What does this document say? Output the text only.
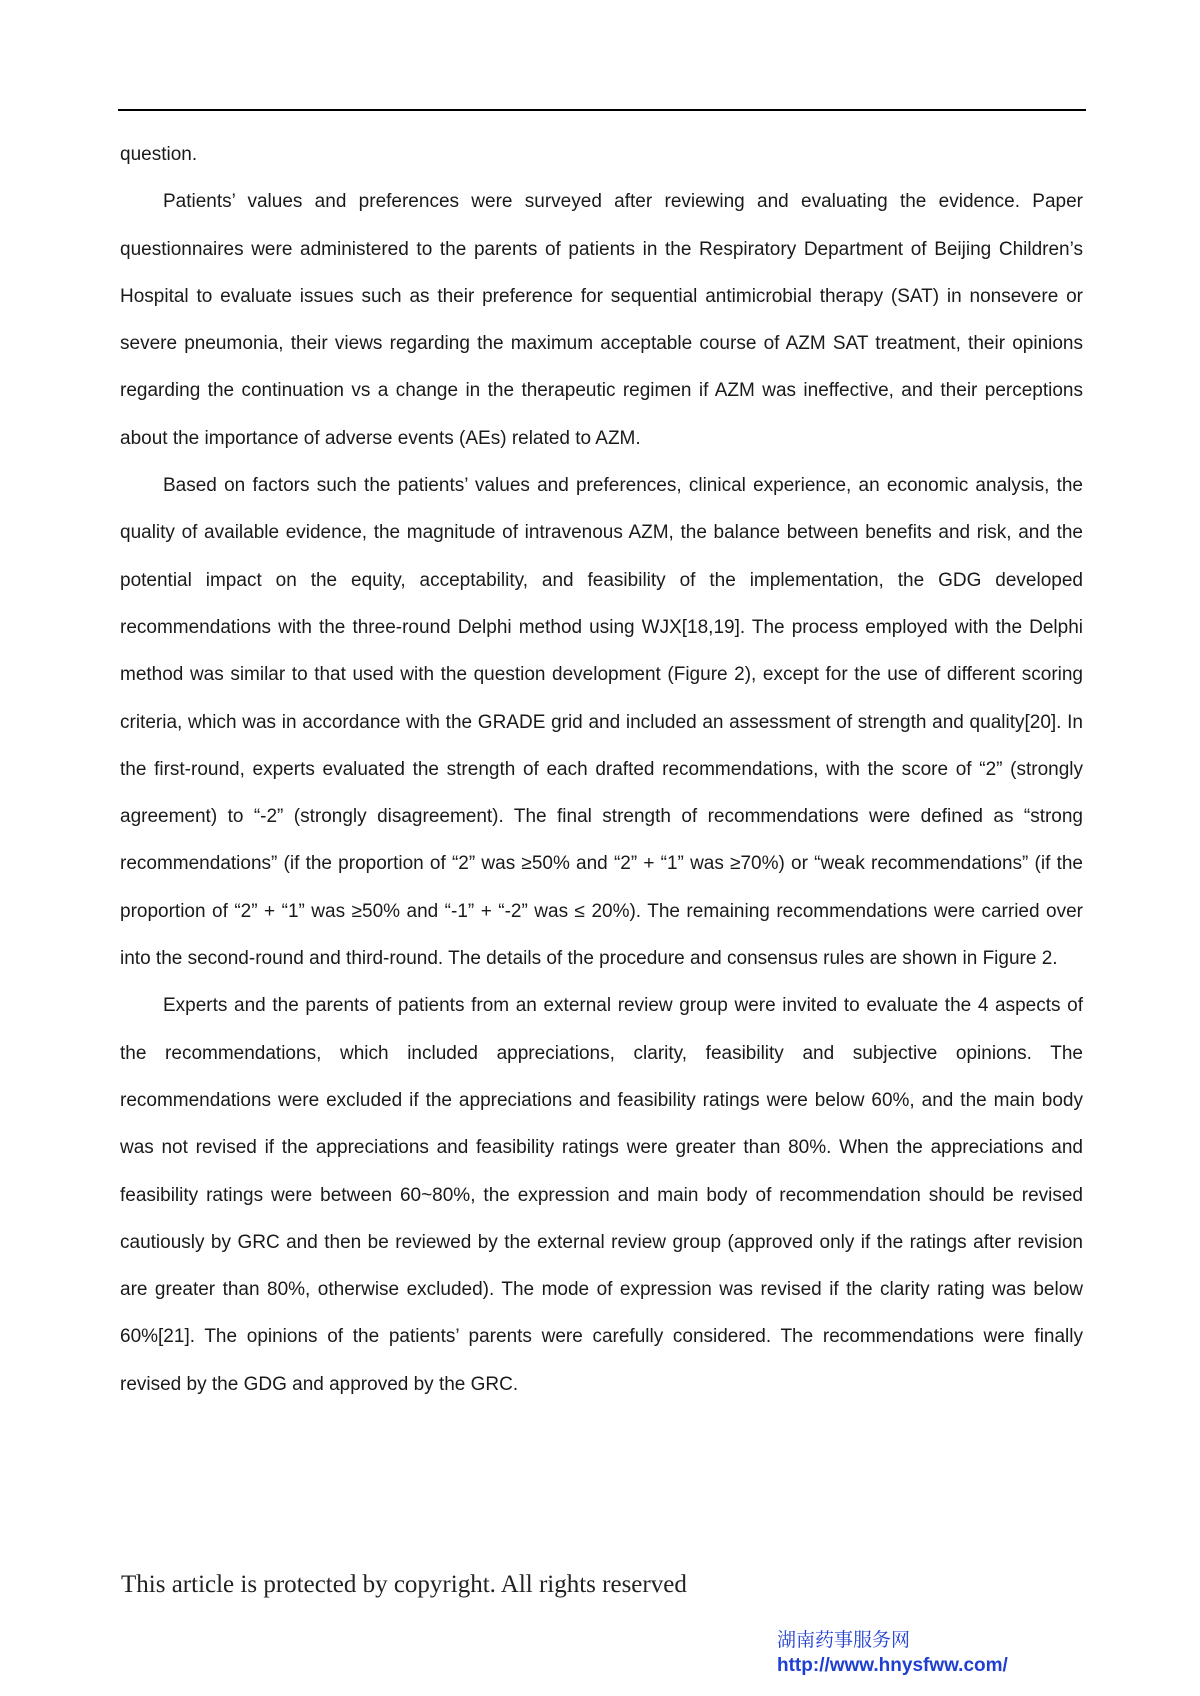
question.

Patients’ values and preferences were surveyed after reviewing and evaluating the evidence. Paper questionnaires were administered to the parents of patients in the Respiratory Department of Beijing Children’s Hospital to evaluate issues such as their preference for sequential antimicrobial therapy (SAT) in nonsevere or severe pneumonia, their views regarding the maximum acceptable course of AZM SAT treatment, their opinions regarding the continuation vs a change in the therapeutic regimen if AZM was ineffective, and their perceptions about the importance of adverse events (AEs) related to AZM.

Based on factors such the patients’ values and preferences, clinical experience, an economic analysis, the quality of available evidence, the magnitude of intravenous AZM, the balance between benefits and risk, and the potential impact on the equity, acceptability, and feasibility of the implementation, the GDG developed recommendations with the three-round Delphi method using WJX[18,19]. The process employed with the Delphi method was similar to that used with the question development (Figure 2), except for the use of different scoring criteria, which was in accordance with the GRADE grid and included an assessment of strength and quality[20]. In the first-round, experts evaluated the strength of each drafted recommendations, with the score of “2” (strongly agreement) to “-2” (strongly disagreement). The final strength of recommendations were defined as “strong recommendations” (if the proportion of “2” was ≥50% and “2” + “1” was ≥70%) or “weak recommendations” (if the proportion of “2” + “1” was ≥50% and “-1” + “-2” was ≤ 20%). The remaining recommendations were carried over into the second-round and third-round. The details of the procedure and consensus rules are shown in Figure 2.

Experts and the parents of patients from an external review group were invited to evaluate the 4 aspects of the recommendations, which included appreciations, clarity, feasibility and subjective opinions. The recommendations were excluded if the appreciations and feasibility ratings were below 60%, and the main body was not revised if the appreciations and feasibility ratings were greater than 80%. When the appreciations and feasibility ratings were between 60~80%, the expression and main body of recommendation should be revised cautiously by GRC and then be reviewed by the external review group (approved only if the ratings after revision are greater than 80%, otherwise excluded). The mode of expression was revised if the clarity rating was below 60%[21]. The opinions of the patients’ parents were carefully considered. The recommendations were finally revised by the GDG and approved by the GRC.

This article is protected by copyright. All rights reserved
湖南药事服务网
http://www.hnysfww.com/
